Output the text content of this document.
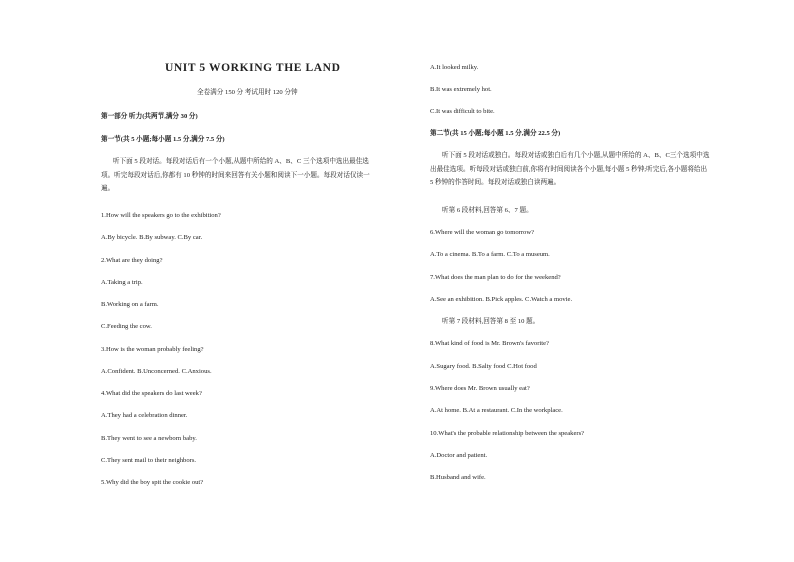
UNIT 5 WORKING THE LAND
全卷满分 150 分 考试用时 120 分钟
第一部分 听力(共两节,满分 30 分)
第一节(共 5 小题;每小题 1.5 分,满分 7.5 分)
听下面 5 段对话。每段对话后有一个小题,从题中所给的 A、B、C 三个选项中选出最佳选项。听完每段对话后,你都有 10 秒钟的时间来回答有关小题和阅读下一小题。每段对话仅读一遍。
1.How will the speakers go to the exhibition?
A.By bicycle. B.By subway. C.By car.
2.What are they doing?
A.Taking a trip.
B.Working on a farm.
C.Feeding the cow.
3.How is the woman probably feeling?
A.Confident. B.Unconcerned. C.Anxious.
4.What did the speakers do last week?
A.They had a celebration dinner.
B.They went to see a newborn baby.
C.They sent mail to their neighbors.
5.Why did the boy spit the cookie out?
A.It looked milky.
B.It was extremely hot.
C.It was difficult to bite.
第二节(共 15 小题;每小题 1.5 分,满分 22.5 分)
听下面 5 段对话或独白。每段对话或独白后有几个小题,从题中所给的 A、B、C三个选项中选出最佳选项。听每段对话或独白前,你将有时间阅读各个小题,每小题 5 秒钟;听完后,各小题将给出 5 秒钟的作答时间。每段对话或独白读两遍。
听第 6 段材料,回答第 6、7 题。
6.Where will the woman go tomorrow?
A.To a cinema. B.To a farm. C.To a museum.
7.What does the man plan to do for the weekend?
A.See an exhibition. B.Pick apples. C.Watch a movie.
听第 7 段材料,回答第 8 至 10 题。
8.What kind of food is Mr. Brown's favorite?
A.Sugary food. B.Salty food C.Hot food
9.Where does Mr. Brown usually eat?
A.At home. B.At a restaurant. C.In the workplace.
10.What's the probable relationship between the speakers?
A.Doctor and patient.
B.Husband and wife.
